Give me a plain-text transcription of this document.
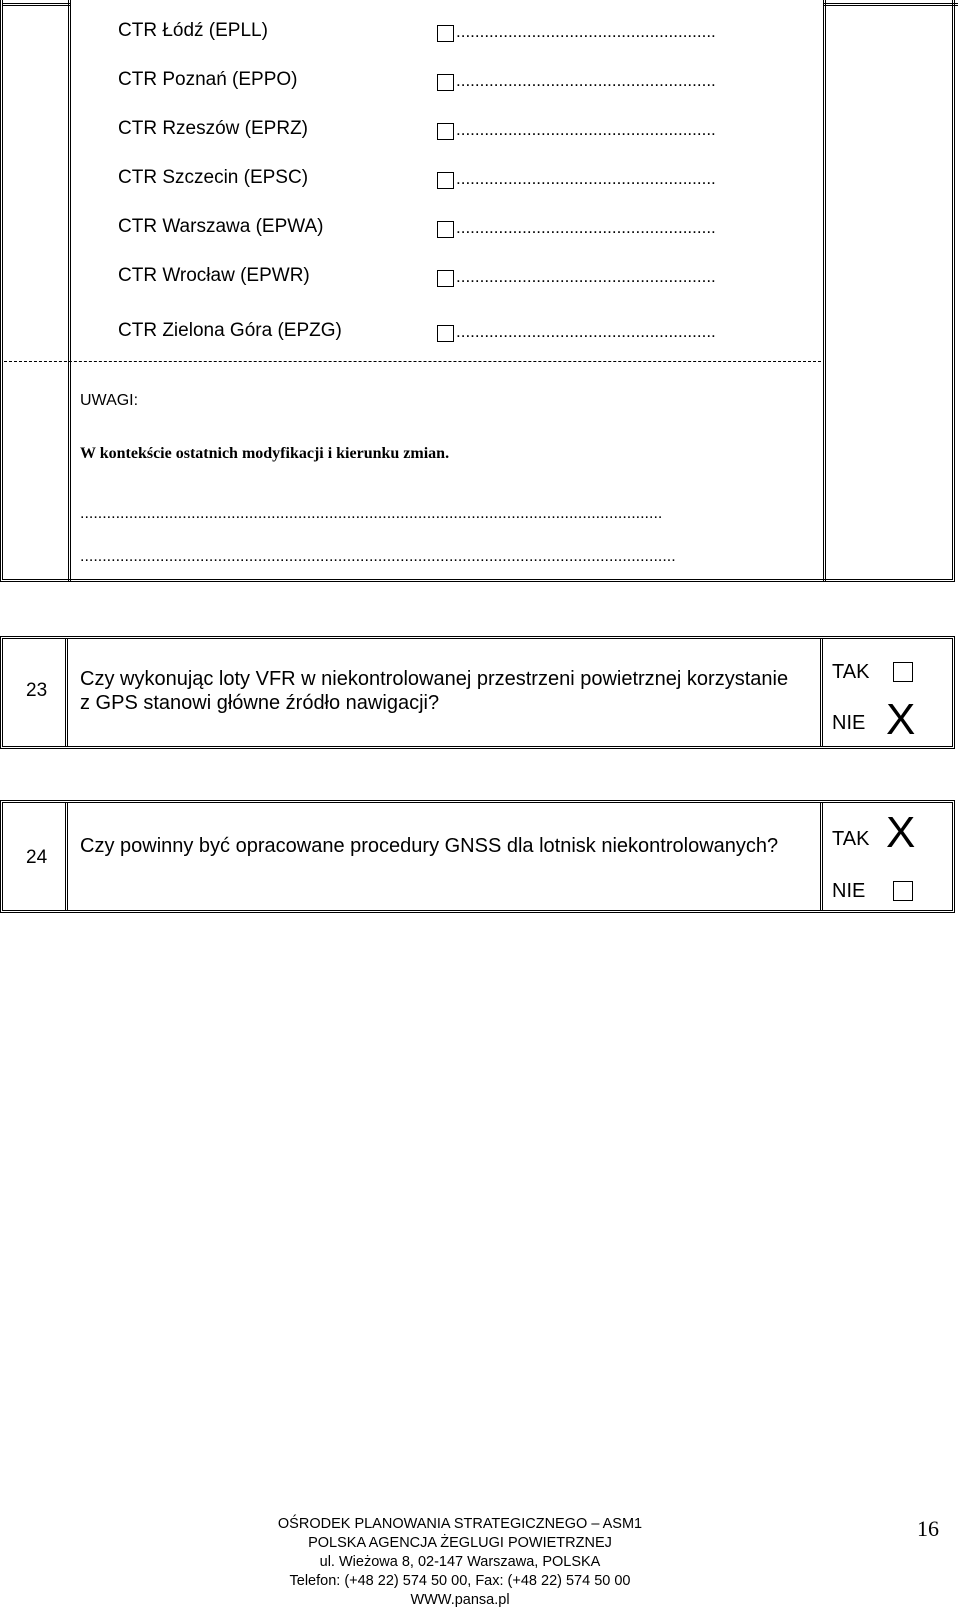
CTR Łódź (EPLL)	.......................................................
CTR Poznań (EPPO)	.......................................................
CTR Rzeszów (EPRZ)	.......................................................
CTR Szczecin (EPSC)	.......................................................
CTR Warszawa (EPWA)	.......................................................
CTR Wrocław (EPWR)	.......................................................
CTR Zielona Góra (EPZG)	.......................................................
UWAGI:
W kontekście ostatnich modyfikacji i kierunku zmian.
...................................................................................................................................
......................................................................................................................................
23
Czy wykonując loty VFR w niekontrolowanej przestrzeni powietrznej korzystanie z GPS stanowi główne źródło nawigacji?
TAK
NIE X
24
Czy powinny być opracowane procedury GNSS dla lotnisk niekontrolowanych?	TAK X
NIE
OŚRODEK PLANOWANIA STRATEGICZNEGO – ASM1
POLSKA AGENCJA ŻEGLUGI POWIETRZNEJ
ul. Wieżowa 8, 02-147 Warszawa, POLSKA
Telefon: (+48 22) 574 50 00, Fax: (+48 22) 574 50 00
WWW.pansa.pl
16
